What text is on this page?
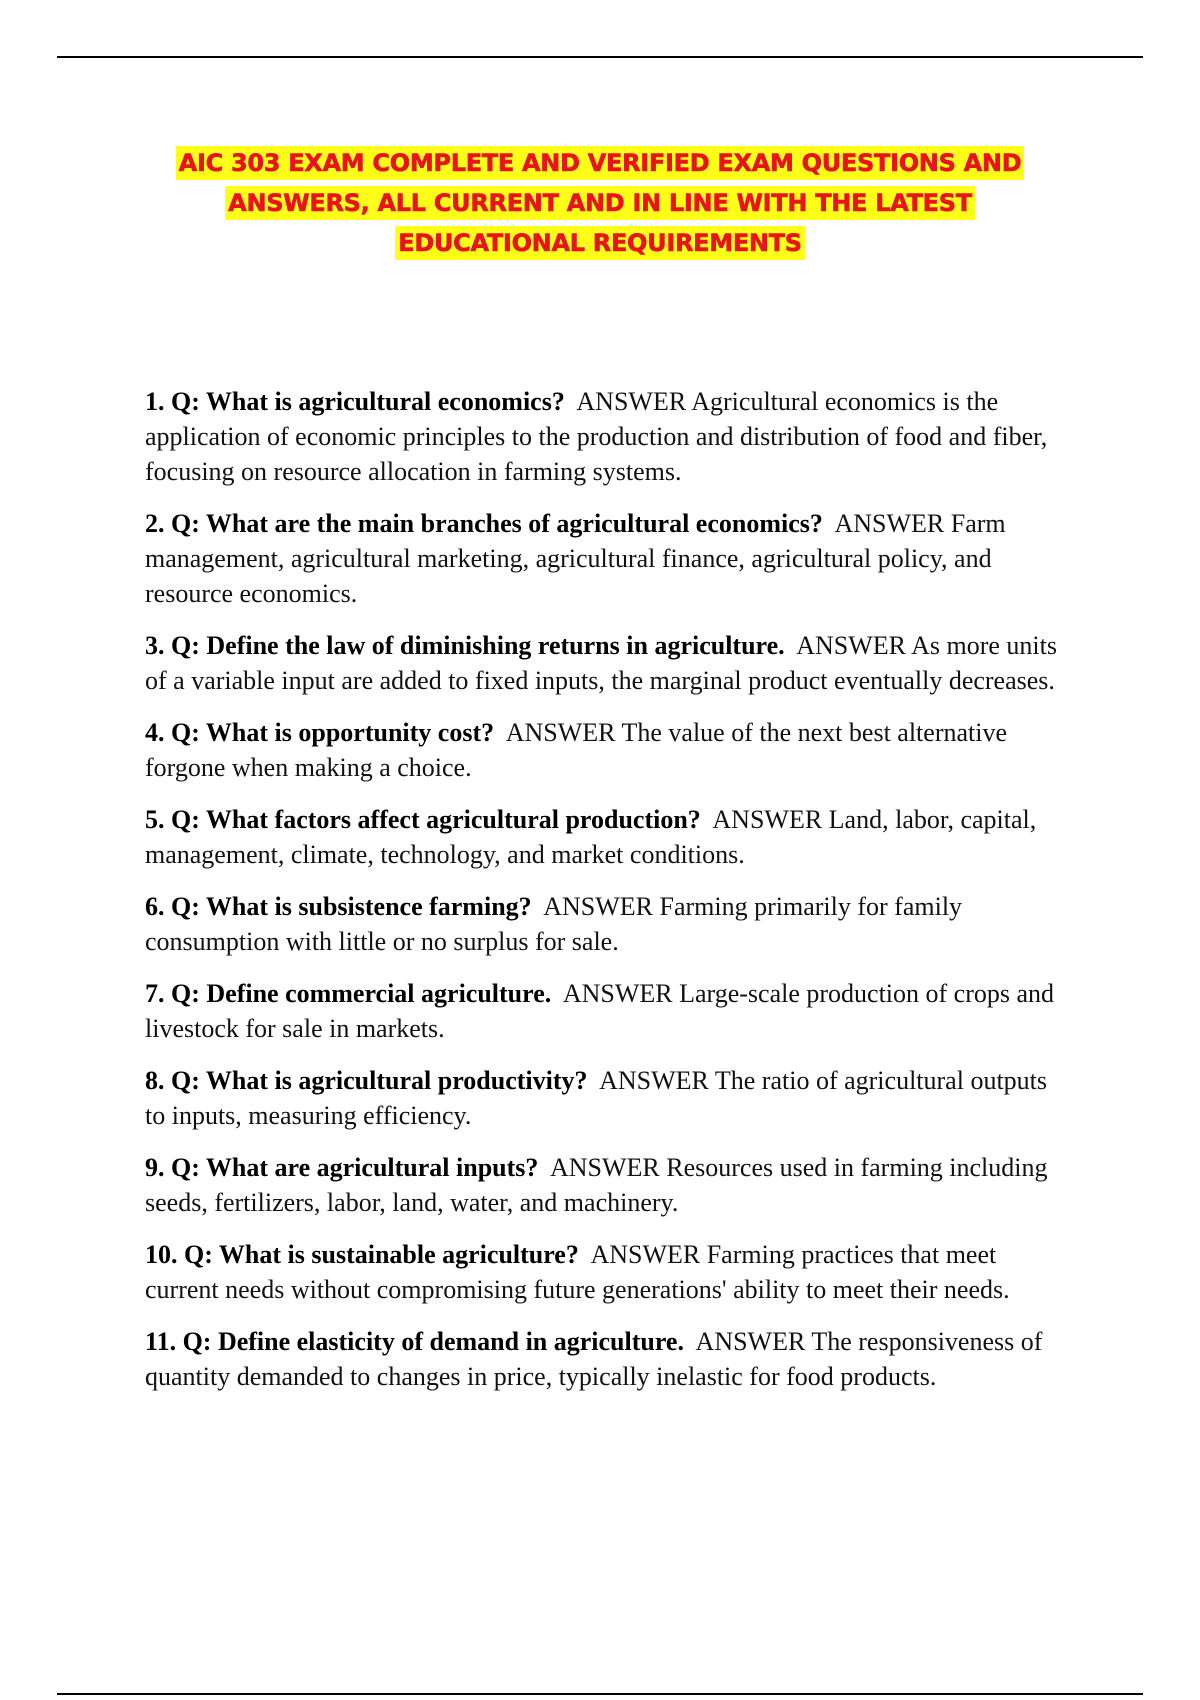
AIC 303 EXAM COMPLETE AND VERIFIED EXAM QUESTIONS AND
ANSWERS, ALL CURRENT AND IN LINE WITH THE LATEST
EDUCATIONAL REQUIREMENTS

1. Q: What is agricultural economics? ANSWER Agricultural economics is the application of economic principles to the production and distribution of food and fiber, focusing on resource allocation in farming systems.

2. Q: What are the main branches of agricultural economics? ANSWER Farm management, agricultural marketing, agricultural finance, agricultural policy, and resource economics.

3. Q: Define the law of diminishing returns in agriculture. ANSWER As more units of a variable input are added to fixed inputs, the marginal product eventually decreases.

4. Q: What is opportunity cost? ANSWER The value of the next best alternative forgone when making a choice.

5. Q: What factors affect agricultural production? ANSWER Land, labor, capital, management, climate, technology, and market conditions.

6. Q: What is subsistence farming? ANSWER Farming primarily for family consumption with little or no surplus for sale.

7. Q: Define commercial agriculture. ANSWER Large-scale production of crops and livestock for sale in markets.

8. Q: What is agricultural productivity? ANSWER The ratio of agricultural outputs to inputs, measuring efficiency.

9. Q: What are agricultural inputs? ANSWER Resources used in farming including seeds, fertilizers, labor, land, water, and machinery.

10. Q: What is sustainable agriculture? ANSWER Farming practices that meet current needs without compromising future generations' ability to meet their needs.

11. Q: Define elasticity of demand in agriculture. ANSWER The responsiveness of quantity demanded to changes in price, typically inelastic for food products.
